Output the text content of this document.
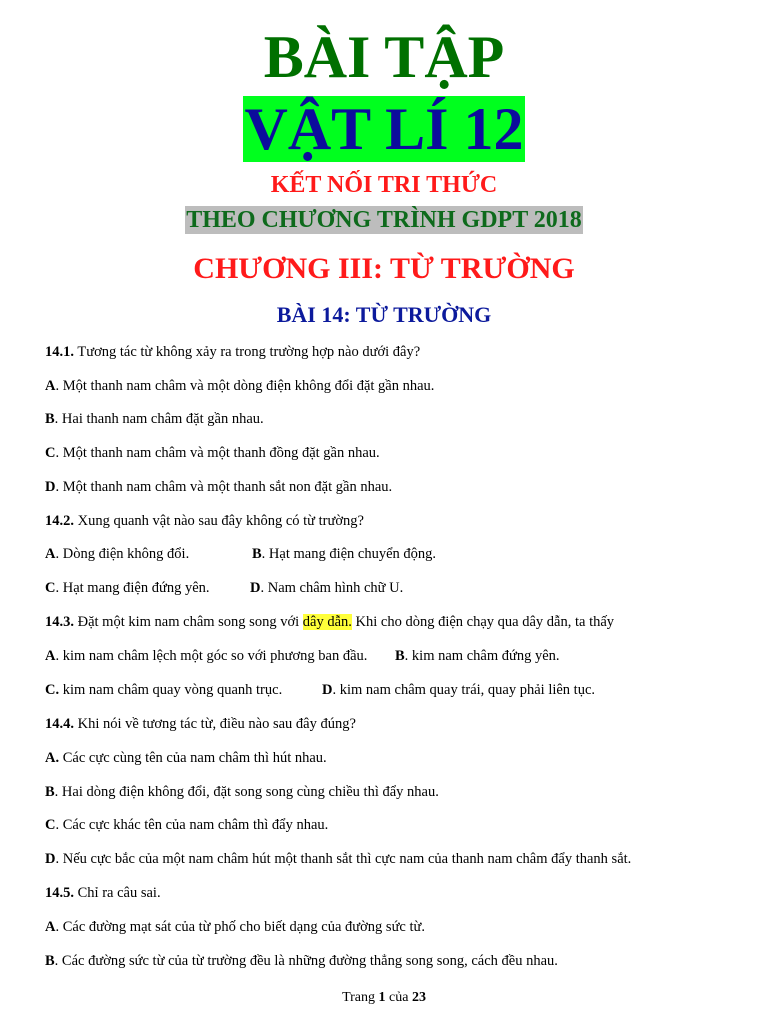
BÀI TẬP
VẬT LÍ 12
KẾT NỐI TRI THỨC
THEO CHƯƠNG TRÌNH GDPT 2018
CHƯƠNG III: TỪ TRƯỜNG
BÀI 14: TỪ TRƯỜNG
14.1. Tương tác từ không xảy ra trong trường hợp nào dưới đây?
A. Một thanh nam châm và một dòng điện không đổi đặt gần nhau.
B. Hai thanh nam châm đặt gần nhau.
C. Một thanh nam châm và một thanh đồng đặt gần nhau.
D. Một thanh nam châm và một thanh sắt non đặt gần nhau.
14.2. Xung quanh vật nào sau đây không có từ trường?
A. Dòng điện không đổi.	B. Hạt mang điện chuyển động.
C. Hạt mang điện đứng yên.	D. Nam châm hình chữ U.
14.3. Đặt một kim nam châm song song với dây dẫn. Khi cho dòng điện chạy qua dây dẫn, ta thấy
A. kim nam châm lệch một góc so với phương ban đầu. B. kim nam châm đứng yên.
C. kim nam châm quay vòng quanh trục.	D. kim nam châm quay trái, quay phải liên tục.
14.4. Khi nói về tương tác từ, điều nào sau đây đúng?
A. Các cực cùng tên của nam châm thì hút nhau.
B. Hai dòng điện không đổi, đặt song song cùng chiều thì đẩy nhau.
C. Các cực khác tên của nam châm thì đẩy nhau.
D. Nếu cực bắc của một nam châm hút một thanh sắt thì cực nam của thanh nam châm đẩy thanh sắt.
14.5. Chỉ ra câu sai.
A. Các đường mạt sát của từ phố cho biết dạng của đường sức từ.
B. Các đường sức từ của từ trường đều là những đường thẳng song song, cách đều nhau.
Trang 1 của 23
